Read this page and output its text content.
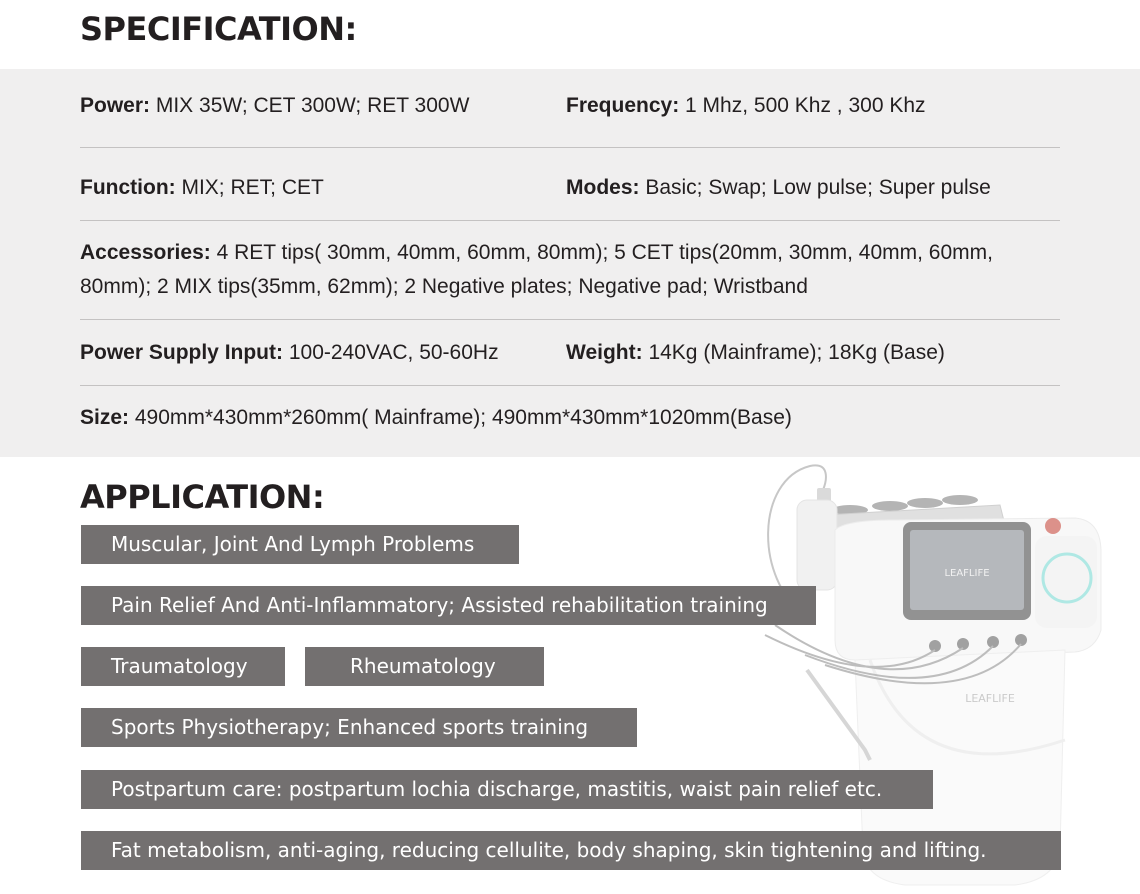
SPECIFICATION:
Power: MIX 35W; CET 300W; RET 300W	Frequency: 1 Mhz, 500 Khz , 300 Khz
Function: MIX; RET; CET	Modes: Basic; Swap; Low pulse; Super pulse
Accessories: 4 RET tips( 30mm, 40mm, 60mm, 80mm); 5 CET tips(20mm, 30mm, 40mm, 60mm, 80mm); 2 MIX tips(35mm, 62mm); 2 Negative plates; Negative pad; Wristband
Power Supply Input: 100-240VAC, 50-60Hz	Weight: 14Kg (Mainframe); 18Kg (Base)
Size: 490mm*430mm*260mm( Mainframe); 490mm*430mm*1020mm(Base)
LEAFLIFE
LEAFLIFE
APPLICATION:
Muscular, Joint And Lymph Problems
Pain Relief And Anti-Inflammatory; Assisted rehabilitation training
Traumatology	Rheumatology
Sports Physiotherapy; Enhanced sports training
Postpartum care: postpartum lochia discharge, mastitis, waist pain relief etc.
Fat metabolism, anti-aging, reducing cellulite, body shaping, skin tightening and lifting.
